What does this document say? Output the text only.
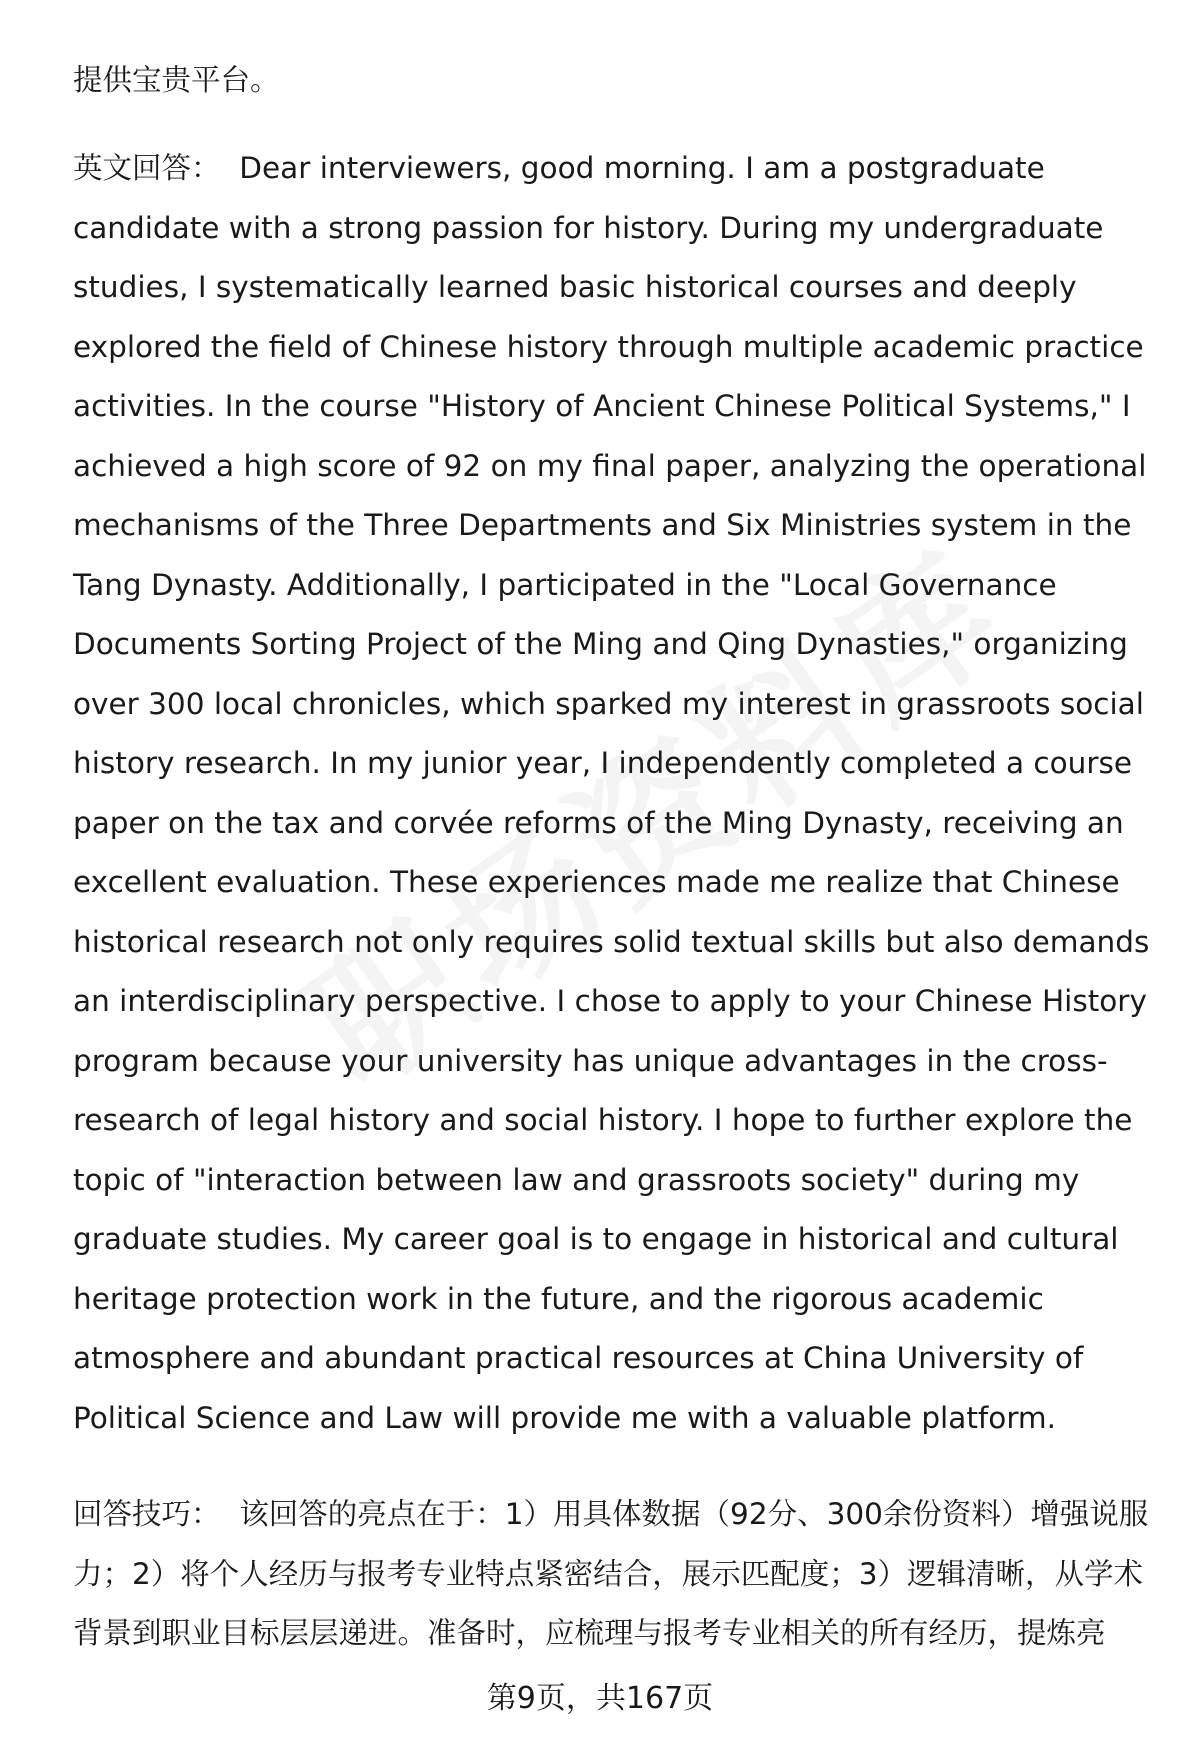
提供宝贵平台。

英文回答： Dear interviewers, good morning. I am a postgraduate candidate with a strong passion for history. During my undergraduate studies, I systematically learned basic historical courses and deeply explored the field of Chinese history through multiple academic practice activities. In the course "History of Ancient Chinese Political Systems," I achieved a high score of 92 on my final paper, analyzing the operational mechanisms of the Three Departments and Six Ministries system in the Tang Dynasty. Additionally, I participated in the "Local Governance Documents Sorting Project of the Ming and Qing Dynasties," organizing over 300 local chronicles, which sparked my interest in grassroots social history research. In my junior year, I independently completed a course paper on the tax and corvée reforms of the Ming Dynasty, receiving an excellent evaluation. These experiences made me realize that Chinese historical research not only requires solid textual skills but also demands an interdisciplinary perspective. I chose to apply to your Chinese History program because your university has unique advantages in the cross-research of legal history and social history. I hope to further explore the topic of "interaction between law and grassroots society" during my graduate studies. My career goal is to engage in historical and cultural heritage protection work in the future, and the rigorous academic atmosphere and abundant practical resources at China University of Political Science and Law will provide me with a valuable platform.

回答技巧： 该回答的亮点在于：1）用具体数据（92分、300余份资料）增强说服力；2）将个人经历与报考专业特点紧密结合，展示匹配度；3）逻辑清晰，从学术背景到职业目标层层递进。准备时，应梳理与报考专业相关的所有经历，提炼亮

第9页，共167页
